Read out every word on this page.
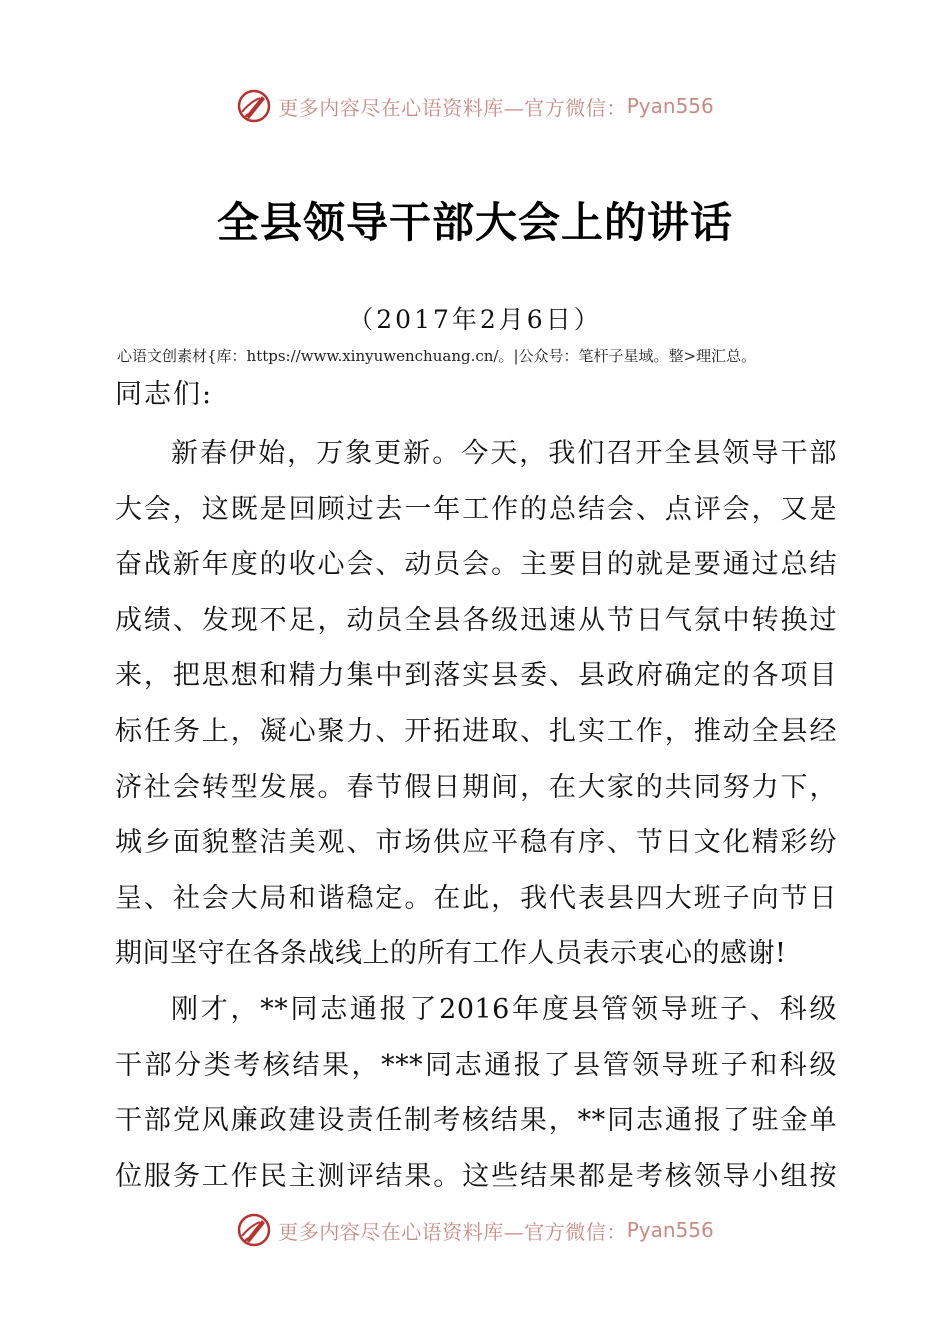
更多内容尽在心语资料库—官方微信： Pyan556
全县领导干部大会上的讲话
（2017年2月6日）
心语文创素材{库：https://www.xinyuwenchuang.cn/。|公众号：笔杆子星域。整>理汇总。
同志们:
新春伊始，万象更新。今天，我们召开全县领导干部
大会，这既是回顾过去一年工作的总结会、点评会，又是
奋战新年度的收心会、动员会。主要目的就是要通过总结
成绩、发现不足，动员全县各级迅速从节日气氛中转换过
来，把思想和精力集中到落实县委、县政府确定的各项目
标任务上，凝心聚力、开拓进取、扎实工作，推动全县经
济社会转型发展。春节假日期间，在大家的共同努力下，
城乡面貌整洁美观、市场供应平稳有序、节日文化精彩纷
呈、社会大局和谐稳定。在此，我代表县四大班子向节日
期间坚守在各条战线上的所有工作人员表示衷心的感谢!
刚才，**同志通报了2016年度县管领导班子、科级
干部分类考核结果，***同志通报了县管领导班子和科级
干部党风廉政建设责任制考核结果，**同志通报了驻金单
位服务工作民主测评结果。这些结果都是考核领导小组按
更多内容尽在心语资料库—官方微信： Pyan556
